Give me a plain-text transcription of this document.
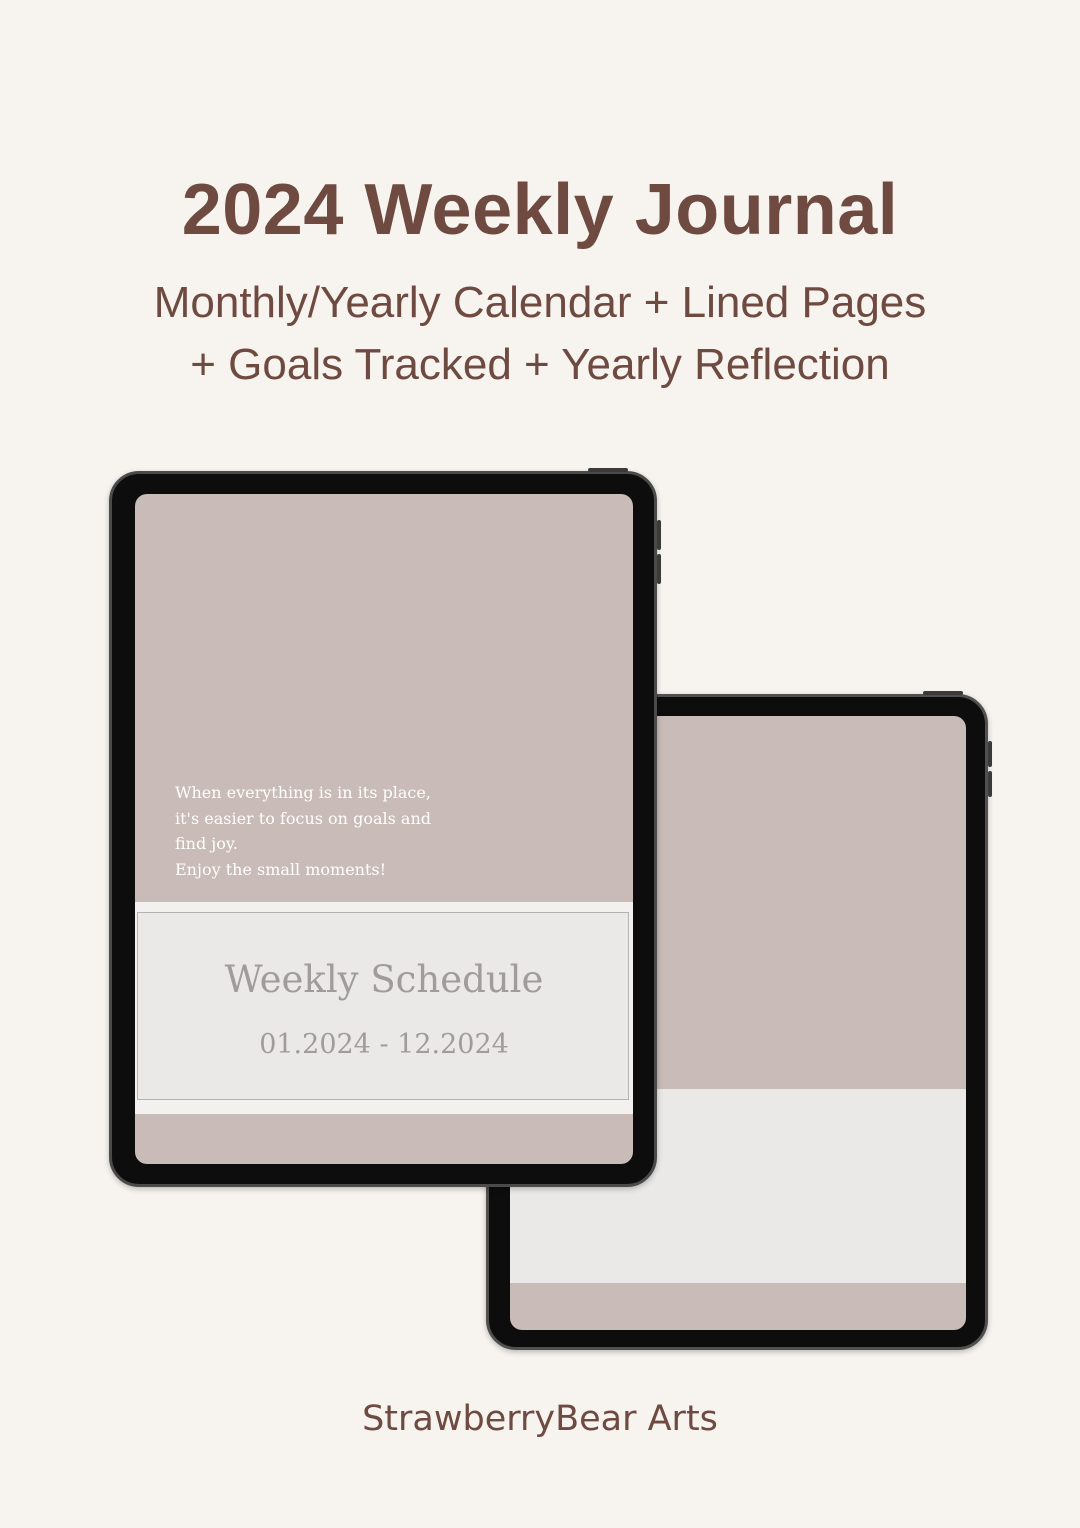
2024 Weekly Journal
Monthly/Yearly Calendar + Lined Pages
+ Goals Tracked + Yearly Reflection
When everything is in its place,
it's easier to focus on goals and
find joy.
Enjoy the small moments!
Weekly Schedule
01.2024 - 12.2024
StrawberryBear Arts
